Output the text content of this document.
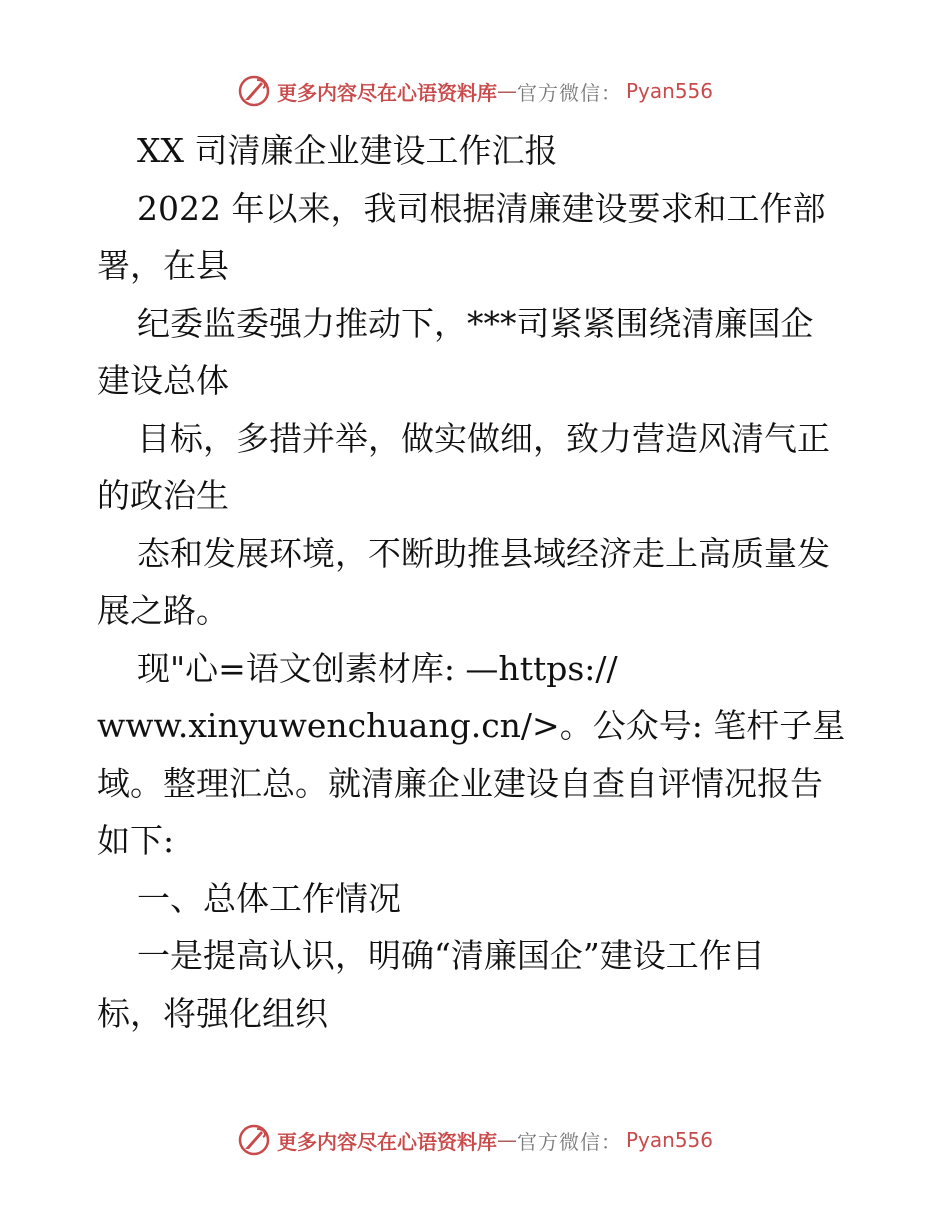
更多内容尽在心语资料库 — 官方微信： Pyan556
XX 司清廉企业建设工作汇报
2022 年以来，我司根据清廉建设要求和工作部
署，在县
纪委监委强力推动下，***司紧紧围绕清廉国企
建设总体
目标，多措并举，做实做细，致力营造风清气正
的政治生
态和发展环境，不断助推县域经济走上高质量发
展之路。
现"心=语文创素材库: —https://
www.xinyuwenchuang.cn/>。公众号: 笔杆子星
域。整理汇总。就清廉企业建设自查自评情况报告
如下:
一、总体工作情况
一是提高认识，明确“清廉国企”建设工作目
标，将强化组织
更多内容尽在心语资料库 — 官方微信： Pyan556
